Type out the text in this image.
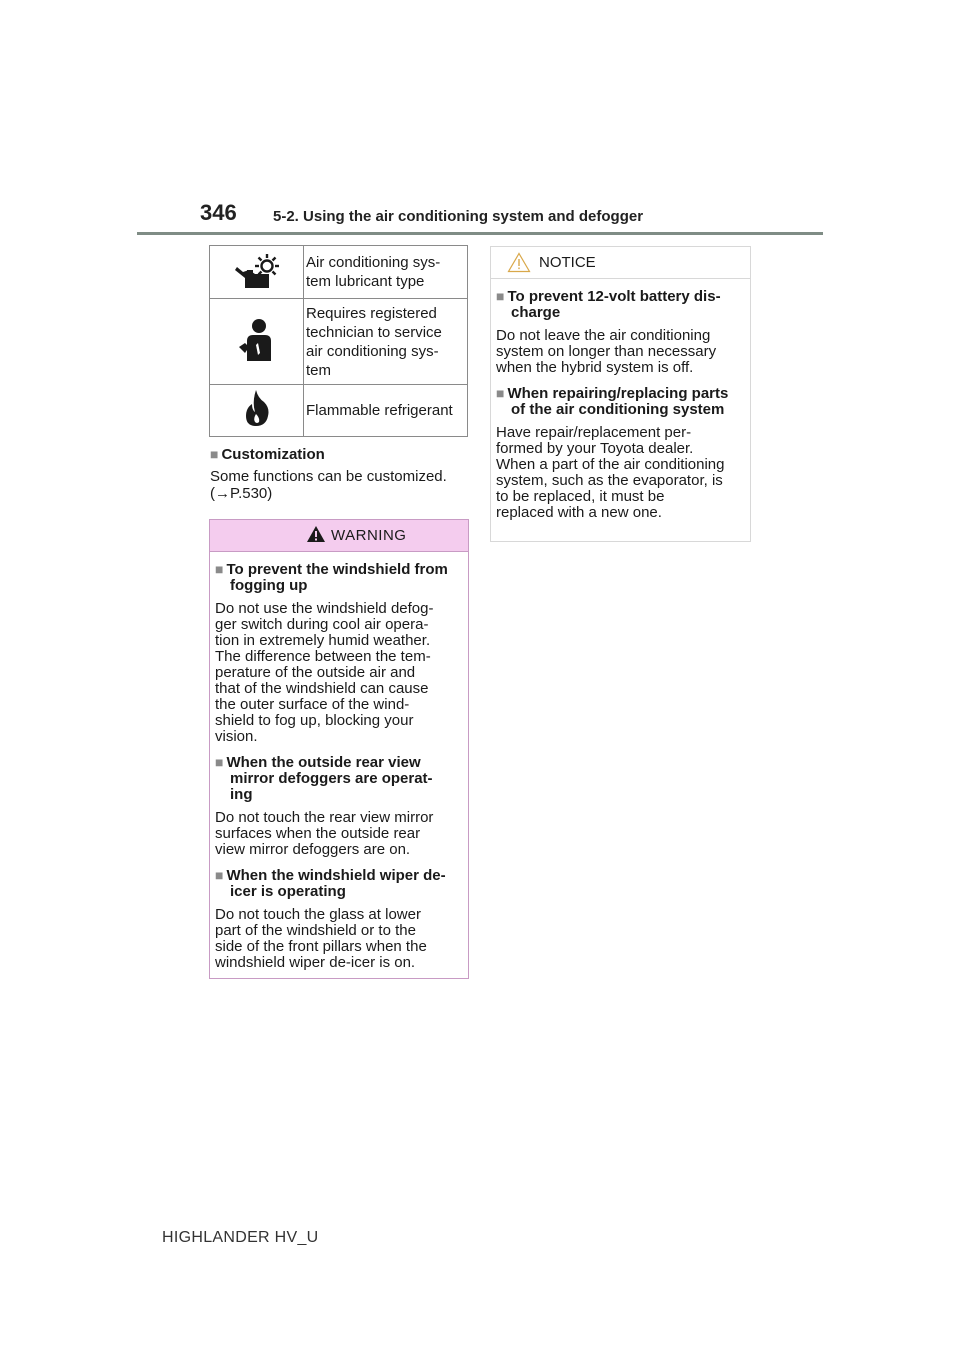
346 5-2. Using the air conditioning system and defogger
	Air conditioning sys-
tem lubricant type
	Requires registered
technician to service
air conditioning sys-
tem
	Flammable refrigerant
■ Customization
Some functions can be customized.
(→P.530)
WARNING
■ To prevent the windshield from fogging up
Do not use the windshield defog-
ger switch during cool air opera-
tion in extremely humid weather.
The difference between the tem-
perature of the outside air and
that of the windshield can cause
the outer surface of the wind-
shield to fog up, blocking your
vision.
■ When the outside rear view mirror defoggers are operat-
ing
Do not touch the rear view mirror
surfaces when the outside rear
view mirror defoggers are on.
■ When the windshield wiper de-icer is operating
Do not touch the glass at lower
part of the windshield or to the
side of the front pillars when the
windshield wiper de-icer is on.
NOTICE
■ To prevent 12-volt battery dis-
charge
Do not leave the air conditioning
system on longer than necessary
when the hybrid system is off.
■ When repairing/replacing parts of the air conditioning system
Have repair/replacement per-
formed by your Toyota dealer.
When a part of the air conditioning
system, such as the evaporator, is
to be replaced, it must be
replaced with a new one.
HIGHLANDER HV_U
